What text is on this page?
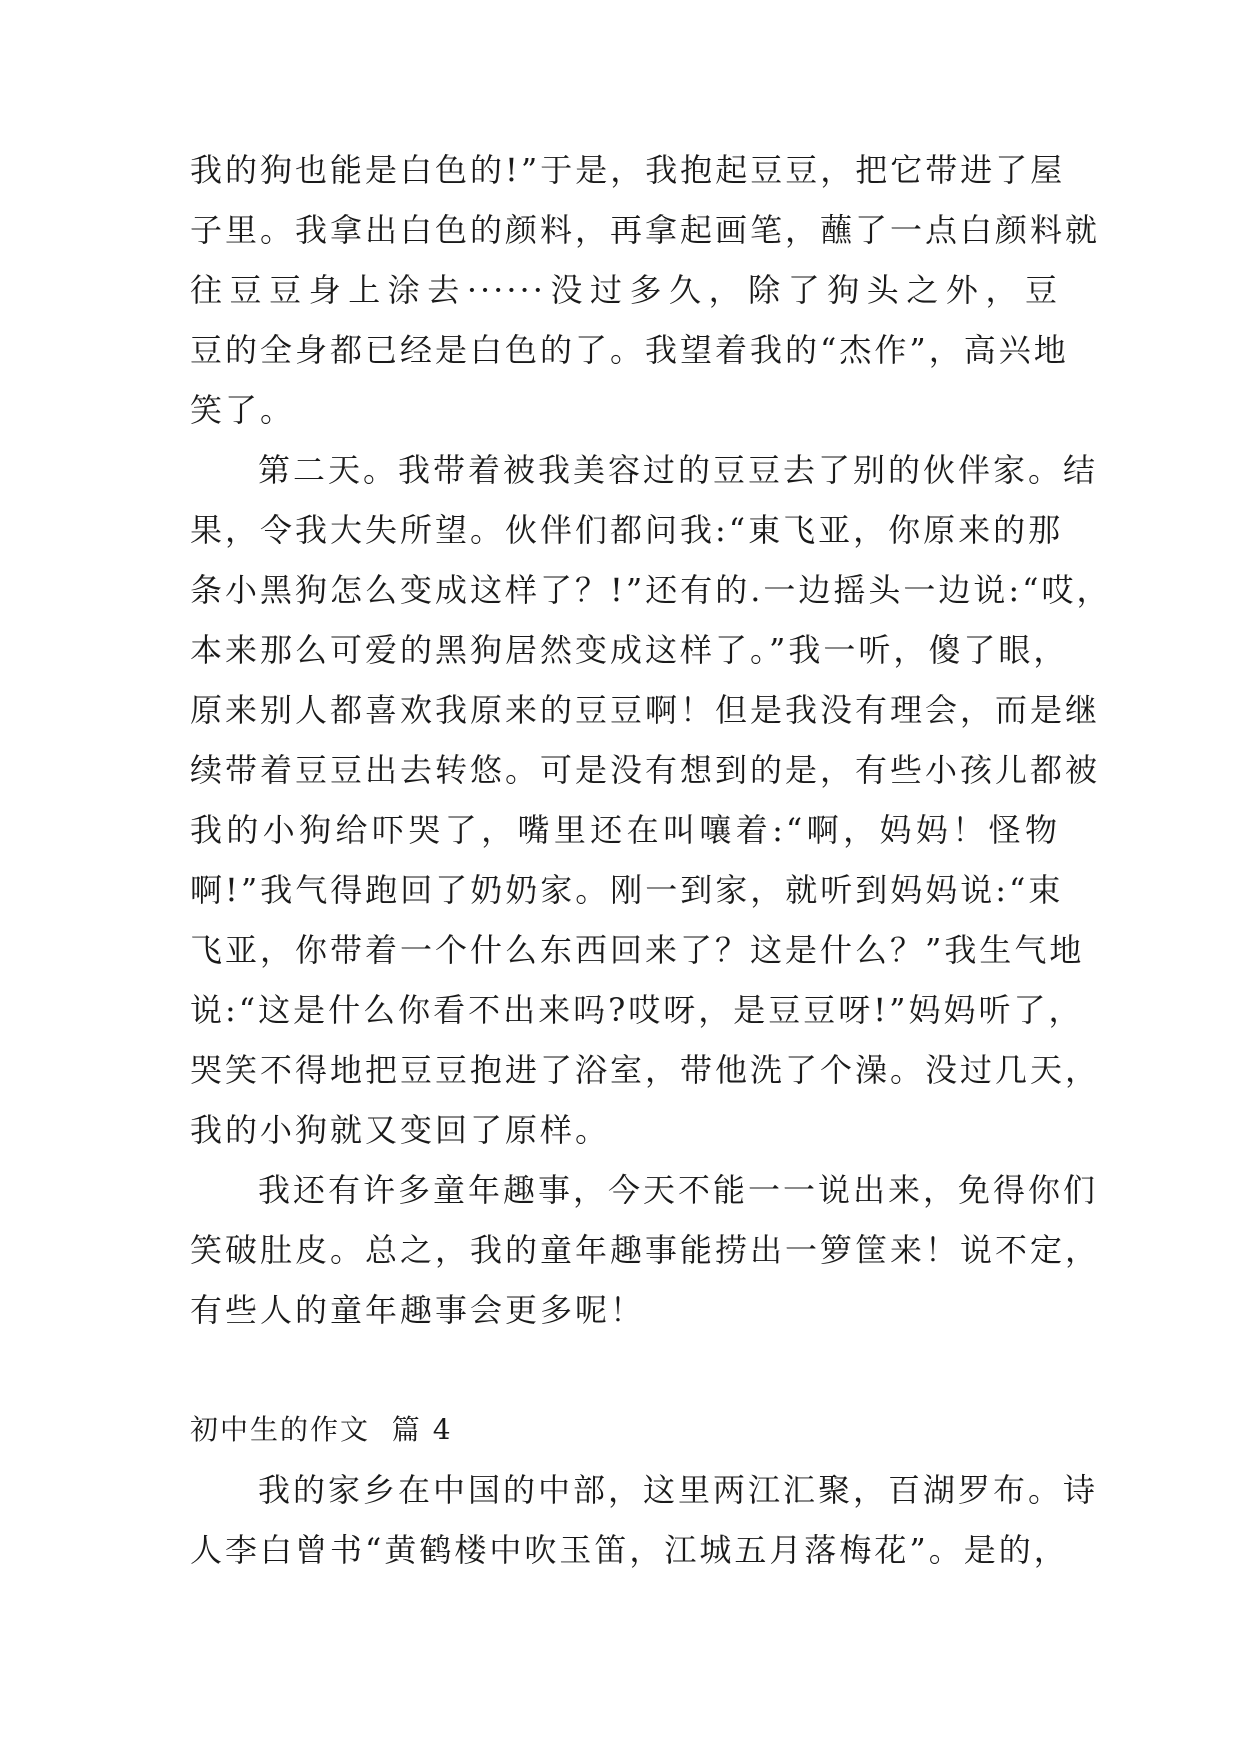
我的狗也能是白色的!”于是，我抱起豆豆，把它带进了屋
子里。我拿出白色的颜料，再拿起画笔，蘸了一点白颜料就
往豆豆身上涂去······没过多久，除了狗头之外，豆
豆的全身都已经是白色的了。我望着我的“杰作”，高兴地
笑了。
第二天。我带着被我美容过的豆豆去了别的伙伴家。结
果，令我大失所望。伙伴们都问我:“東飞亚，你原来的那
条小黑狗怎么变成这样了？!”还有的.一边摇头一边说:“哎，
本来那么可爱的黑狗居然变成这样了。”我一听，傻了眼，
原来别人都喜欢我原来的豆豆啊！但是我没有理会，而是继
续带着豆豆出去转悠。可是没有想到的是，有些小孩儿都被
我的小狗给吓哭了，嘴里还在叫嚷着:“啊，妈妈！怪物
啊!”我气得跑回了奶奶家。刚一到家，就听到妈妈说:“束
飞亚，你带着一个什么东西回来了？这是什么？”我生气地
说:“这是什么你看不出来吗?哎呀，是豆豆呀!”妈妈听了，
哭笑不得地把豆豆抱进了浴室，带他洗了个澡。没过几天，
我的小狗就又变回了原样。
我还有许多童年趣事，今天不能一一说出来，免得你们
笑破肚皮。总之，我的童年趣事能捞出一箩筐来！说不定，
有些人的童年趣事会更多呢！
初中生的作文  篇 4
我的家乡在中国的中部，这里两江汇聚，百湖罗布。诗
人李白曾书“黄鹤楼中吹玉笛，江城五月落梅花”。是的，
